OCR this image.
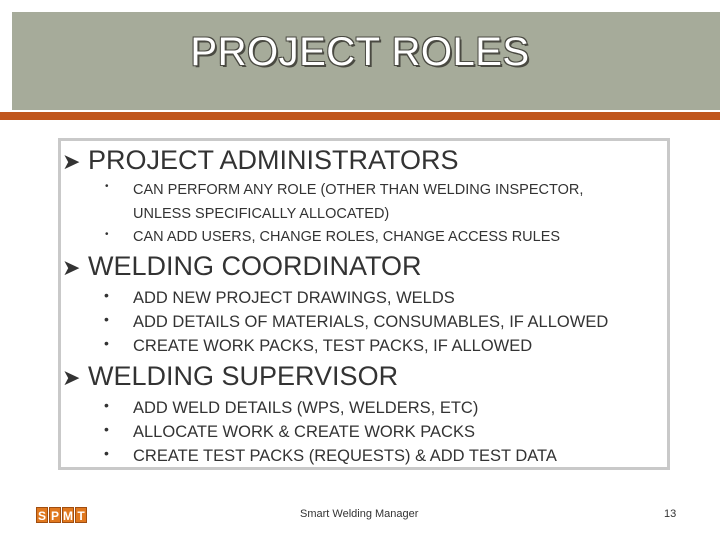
PROJECT ROLES
➤ PROJECT ADMINISTRATORS
• CAN PERFORM ANY ROLE (OTHER THAN WELDING INSPECTOR,
UNLESS SPECIFICALLY ALLOCATED)
• CAN ADD USERS, CHANGE ROLES, CHANGE ACCESS RULES
➤ WELDING COORDINATOR
• ADD NEW PROJECT DRAWINGS, WELDS
• ADD DETAILS OF MATERIALS, CONSUMABLES, IF ALLOWED
• CREATE WORK PACKS, TEST PACKS, IF ALLOWED
➤ WELDING SUPERVISOR
• ADD WELD DETAILS (WPS, WELDERS, ETC)
• ALLOCATE WORK & CREATE WORK PACKS
• CREATE TEST PACKS (REQUESTS) & ADD TEST DATA
S P M T	Smart Welding Manager	13
